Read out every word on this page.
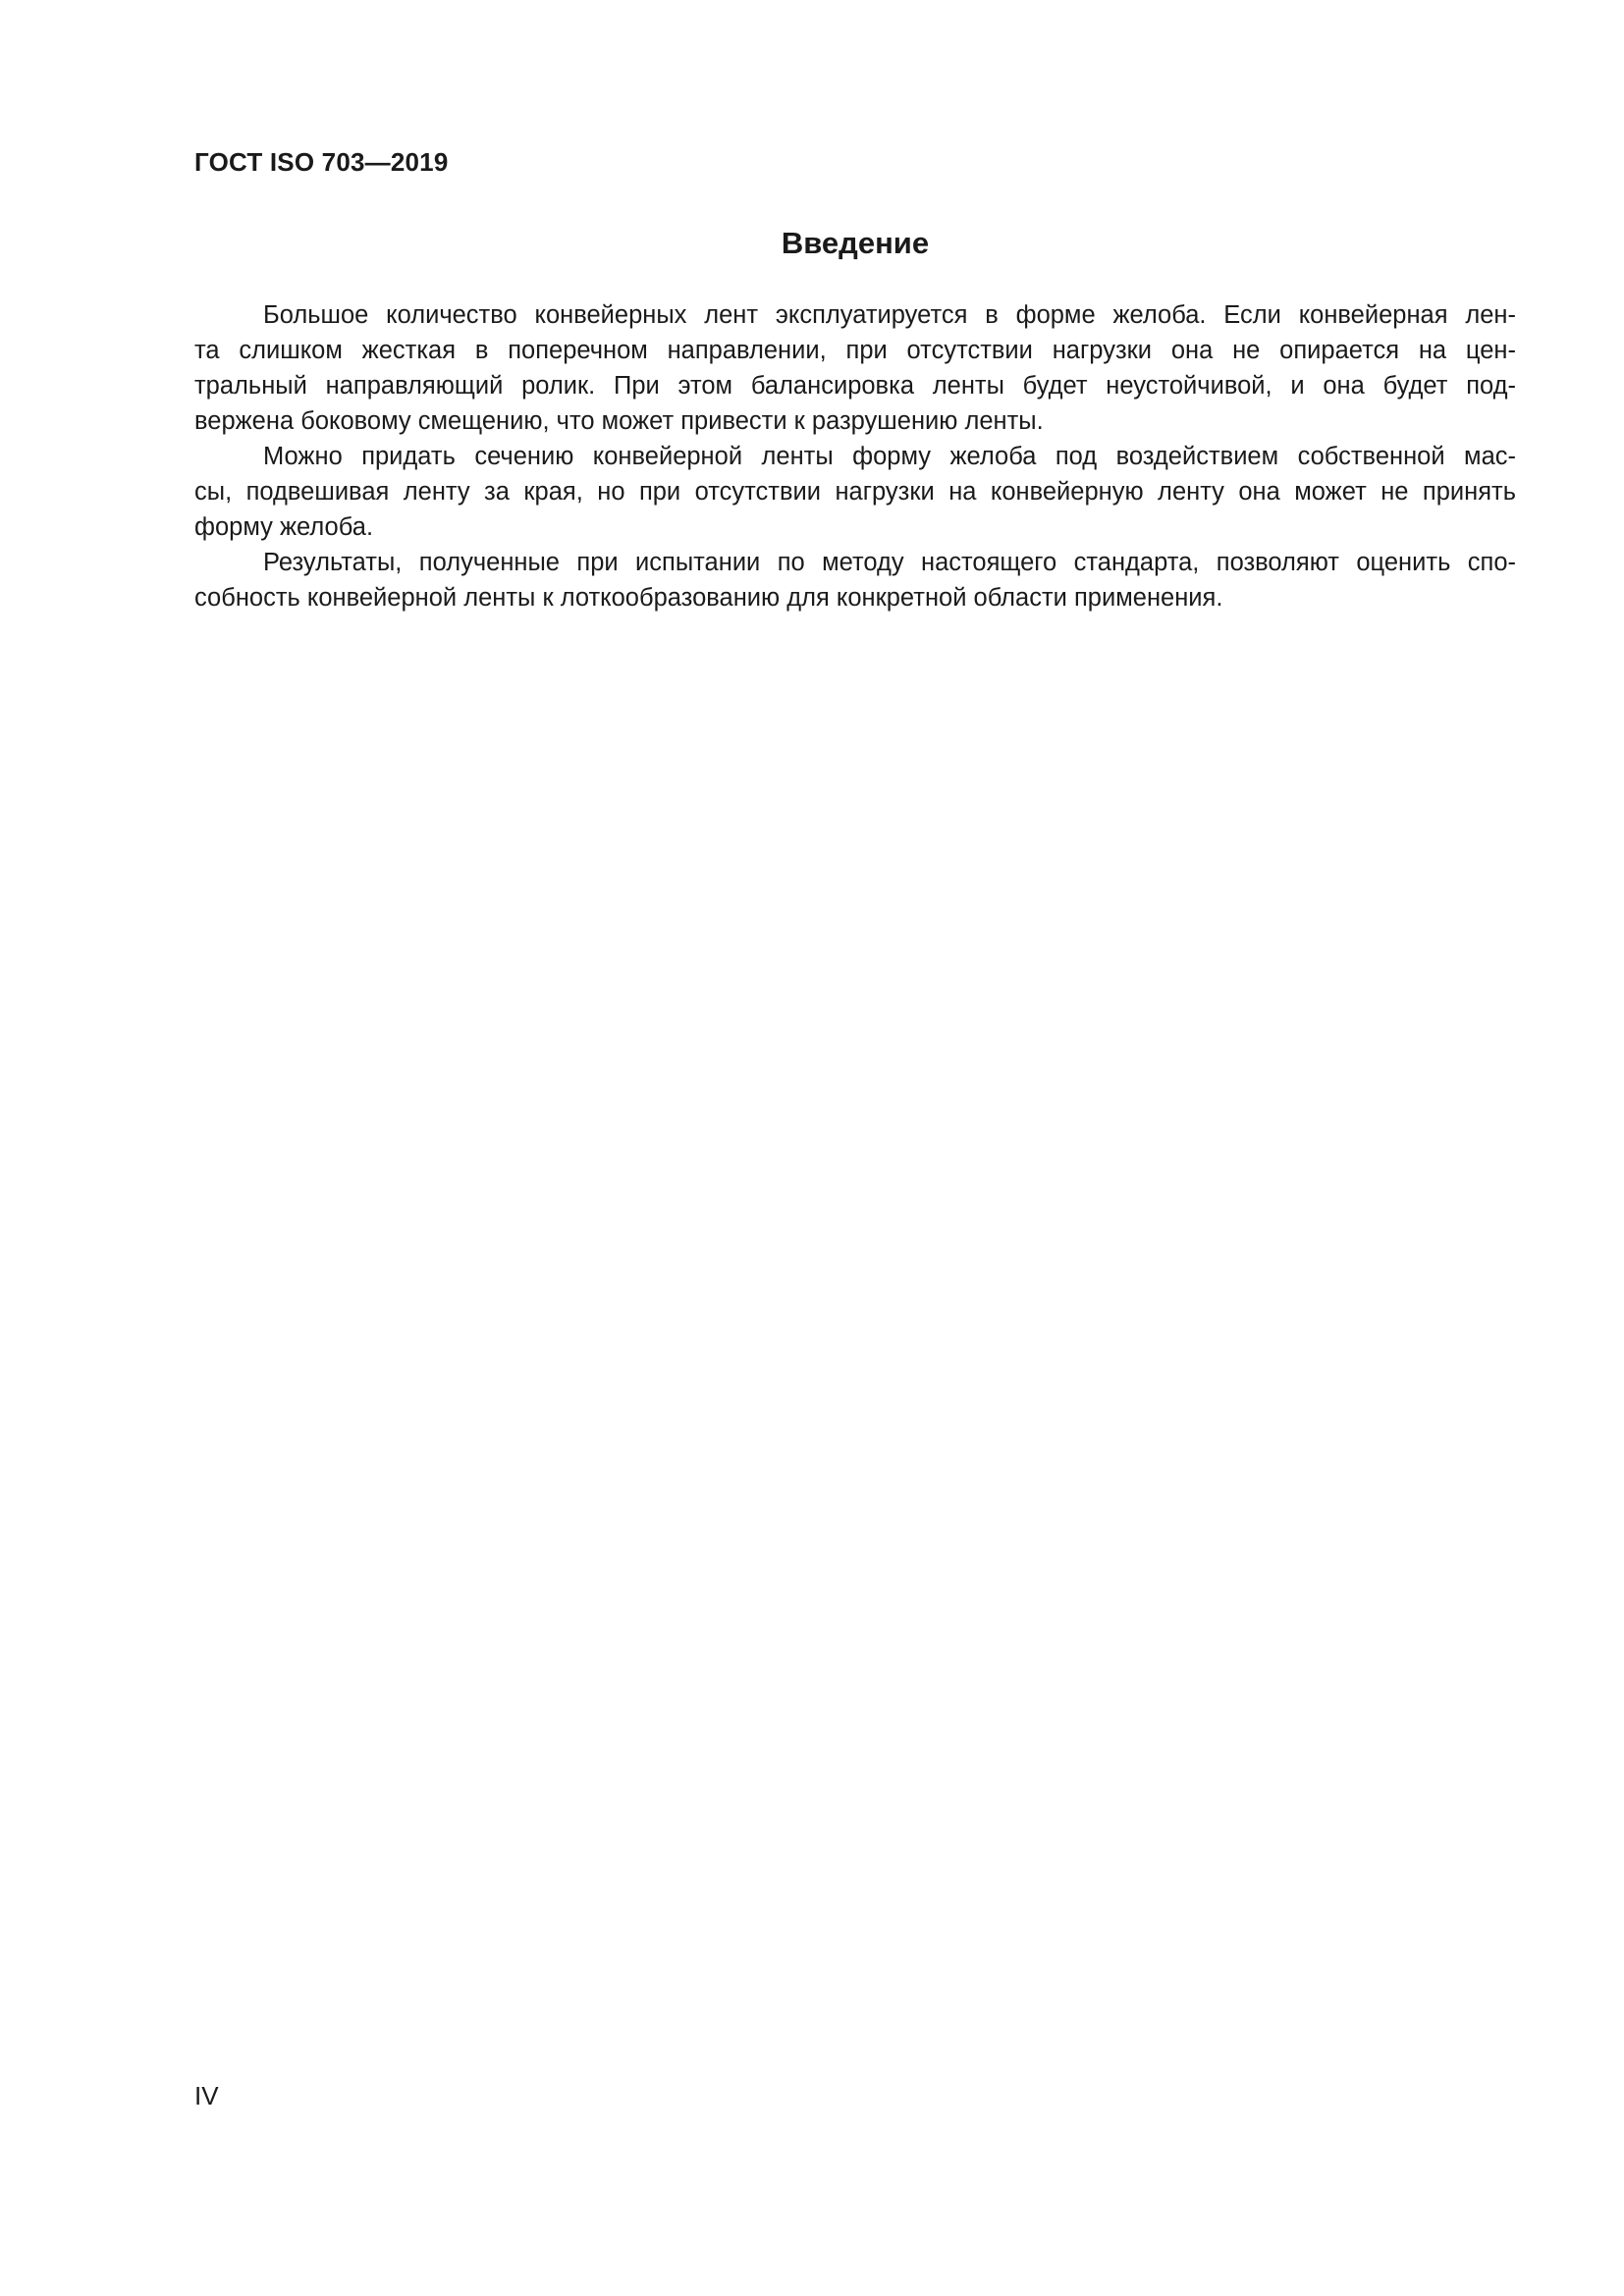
ГОСТ ISO 703—2019
Введение

Большое количество конвейерных лент эксплуатируется в форме желоба. Если конвейерная лен-
та слишком жесткая в поперечном направлении, при отсутствии нагрузки она не опирается на цен-
тральный направляющий ролик. При этом балансировка ленты будет неустойчивой, и она будет под-
вержена боковому смещению, что может привести к разрушению ленты.

Можно придать сечению конвейерной ленты форму желоба под воздействием собственной мас-
сы, подвешивая ленту за края, но при отсутствии нагрузки на конвейерную ленту она может не принять
форму желоба.

Результаты, полученные при испытании по методу настоящего стандарта, позволяют оценить спо-
собность конвейерной ленты к лоткообразованию для конкретной области применения.

IV
